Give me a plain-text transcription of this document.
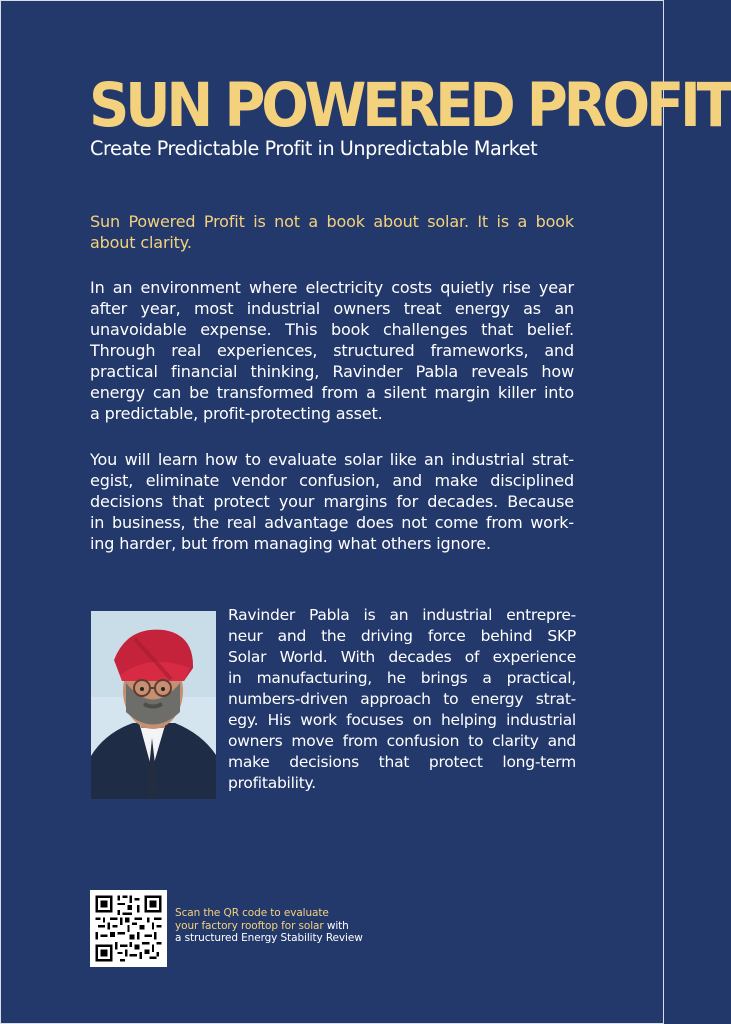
SUN POWERED PROFIT

Create Predictable Profit in Unpredictable Market

Sun Powered Profit is not a book about solar. It is a book
about clarity.
In an environment where electricity costs quietly rise year
after year, most industrial owners treat energy as an
unavoidable expense. This book challenges that belief.
Through real experiences, structured frameworks, and
practical financial thinking, Ravinder Pabla reveals how
energy can be transformed from a silent margin killer into
a predictable, profit-protecting asset.
You will learn how to evaluate solar like an industrial strat-
egist, eliminate vendor confusion, and make disciplined
decisions that protect your margins for decades. Because
in business, the real advantage does not come from work-
ing harder, but from managing what others ignore.
Ravinder Pabla is an industrial entrepre-
neur and the driving force behind SKP
Solar World. With decades of experience
in manufacturing, he brings a practical,
numbers-driven approach to energy strat-
egy. His work focuses on helping industrial
owners move from confusion to clarity and
make decisions that protect long-term
profitability.
Scan the QR code to evaluate
your factory rooftop for solar with
a structured Energy Stability Review
